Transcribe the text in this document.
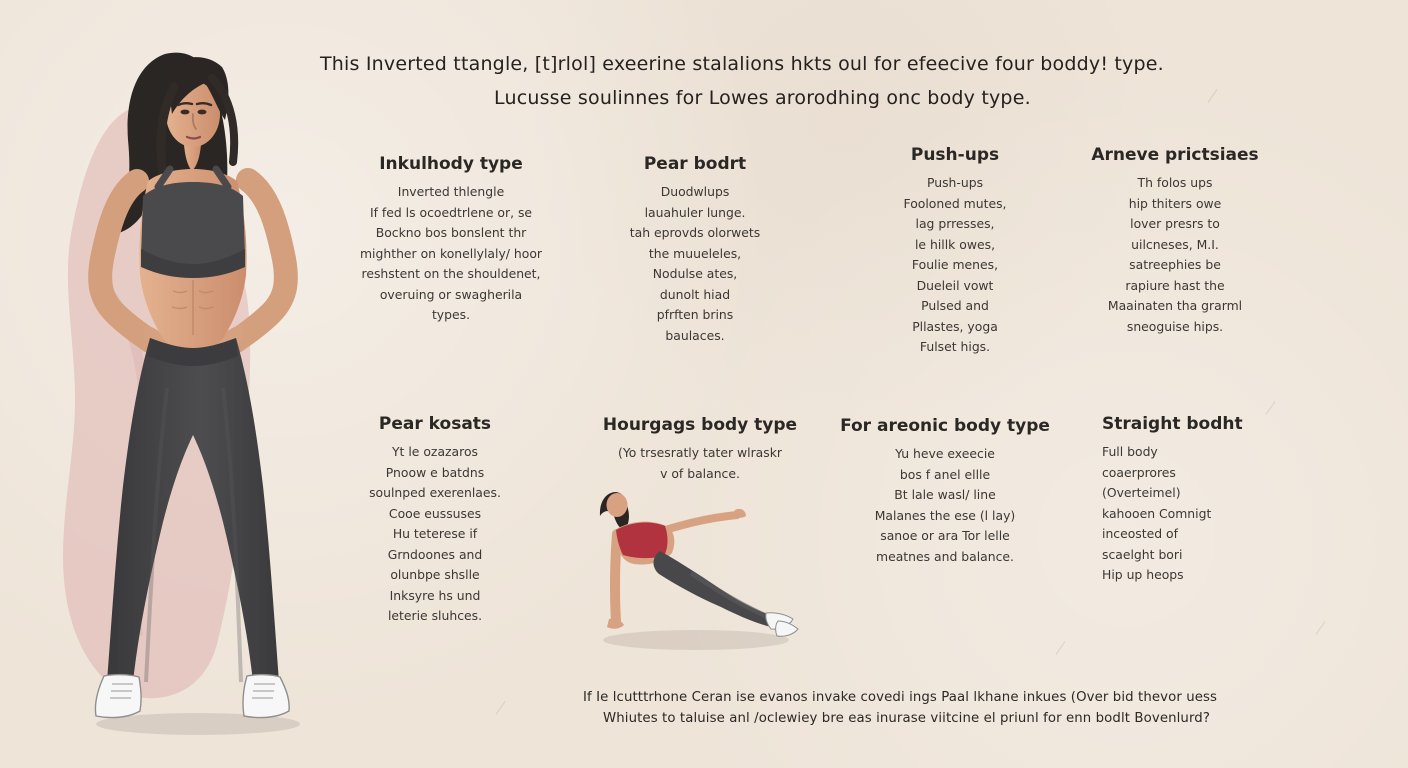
This Inverted ttangle, [t]rlol] exeerine stalalions hkts oul for efeecive four boddy! type.
Lucusse soulinnes for Lowes arorodhing onc body type.
Inkulhody type
Inverted thlengle
If fed ls ocoedtrlene or, se
Bockno bos bonslent thr
mighther on konellylaly/ hoor
reshstent on the shouldenet,
overuing or swagherila
types.
Pear bodrt
Duodwlups
lauahuler lunge.
tah eprovds olorwets
the muueleles,
Nodulse ates,
dunolt hiad
pfrften brins
baulaces.
Push-ups
Push-ups
Fooloned mutes,
lag prresses,
le hillk owes,
Foulie menes,
Dueleil vowt
Pulsed and
Pllastes, yoga
Fulset higs.
Arneve prictsiaes
Th folos ups
hip thiters owe
lover presrs to
uilcneses, M.I.
satreephies be
rapiure hast the
Maainaten tha grarml
sneoguise hips.
Pear kosats
Yt le ozazaros
Pnoow e batdns
soulnped exerenlaes.
Cooe eussuses
Hu teterese if
Grndoones and
olunbpe shslle
Inksyre hs und
leterie sluhces.
Hourgags body type
(Yo trsesratly tater wlraskr
v of balance.
For areonic body type
Yu heve exeecie
bos f anel ellle
Bt lale wasl/ line
Malanes the ese (l lay)
sanoe or ara Tor lelle
meatnes and balance.
Straight bodht
Full body
coaerprores
(Overteimel)
kahooen Comnigt
inceosted of
scaelght bori
Hip up heops
If Ie lcutttrhone Ceran ise evanos invake covedi ings Paal lkhane inkues (Over bid thevor uess
Whiutes to taluise anl /oclewiey bre eas inurase viitcine el priunl for enn bodlt Bovenlurd?
